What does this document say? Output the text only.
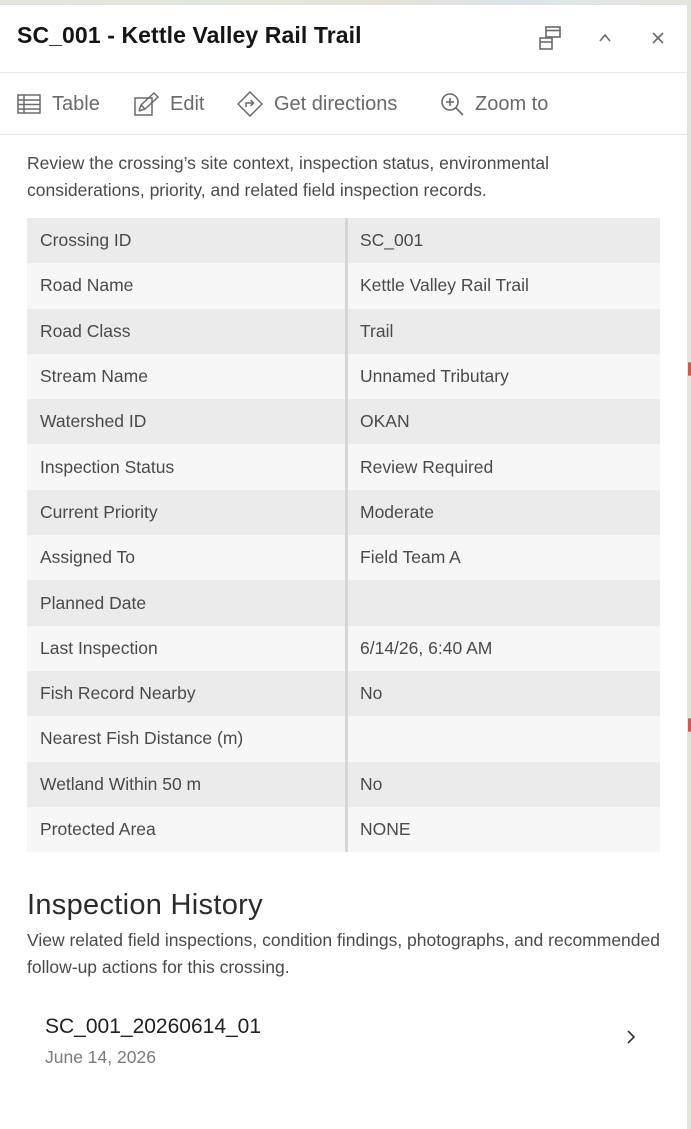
SC_001 - Kettle Valley Rail Trail
Table	Edit	Get directions	Zoom to

Review the crossing’s site context, inspection status, environmental considerations, priority, and related field inspection records.

Crossing ID	SC_001
Road Name	Kettle Valley Rail Trail
Road Class	Trail
Stream Name	Unnamed Tributary
Watershed ID	OKAN
Inspection Status	Review Required
Current Priority	Moderate
Assigned To	Field Team A
Planned Date	
Last Inspection	6/14/26, 6:40 AM
Fish Record Nearby	No
Nearest Fish Distance (m)	
Wetland Within 50 m	No
Protected Area	NONE
Inspection History

View related field inspections, condition findings, photographs, and recommended follow-up actions for this crossing.

SC_001_20260614_01
June 14, 2026
